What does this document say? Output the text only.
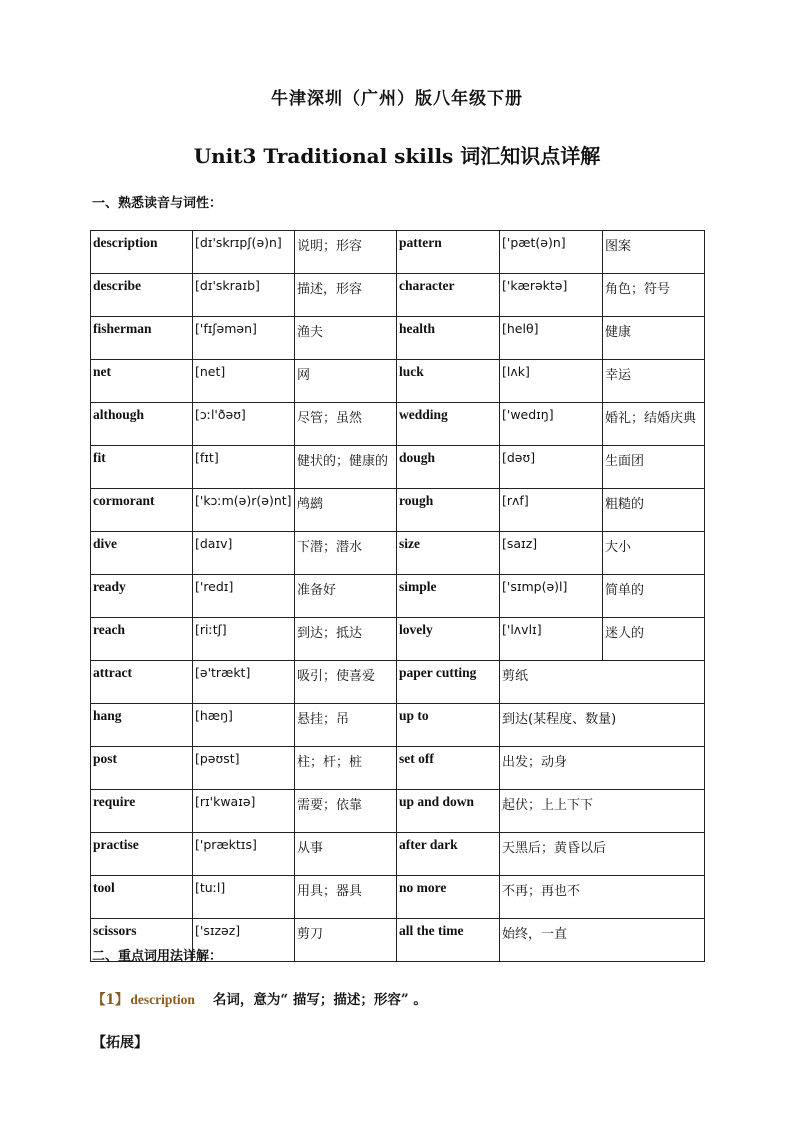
牛津深圳（广州）版八年级下册
Unit3 Traditional skills 词汇知识点详解
一、熟悉读音与词性：
description	[dɪ'skrɪpʃ(ə)n]	说明；形容	pattern	['pæt(ə)n]	图案
describe	[dɪ'skraɪb]	描述，形容	character	['kærəktə]	角色；符号
fisherman	['fɪʃəmən]	渔夫	health	[helθ]	健康
net	[net]	网	luck	[lʌk]	幸运
although	[ɔːl'ðəʊ]	尽管；虽然	wedding	['wedɪŋ]	婚礼；结婚庆典
fit	[fɪt]	健状的；健康的	dough	[dəʊ]	生面团
cormorant	['kɔːm(ə)r(ə)nt]	鸬鹚	rough	[rʌf]	粗糙的
dive	[daɪv]	下潜；潜水	size	[saɪz]	大小
ready	['redɪ]	准备好	simple	['sɪmp(ə)l]	简单的
reach	[riːtʃ]	到达；抵达	lovely	['lʌvlɪ]	迷人的
attract	[ə'trækt]	吸引；使喜爱	paper cutting	剪纸	
hang	[hæŋ]	悬挂；吊	up to	到达(某程度、数量)	
post	[pəʊst]	柱；杆；桩	set off	出发；动身	
require	[rɪ'kwaɪə]	需要；依靠	up and down	起伏；上上下下	
practise	['præktɪs]	从事	after dark	天黑后；黄昏以后	
tool	[tuːl]	用具；器具	no more	不再；再也不	
scissors	['sɪzəz]	剪刀	all the time	始终，一直	
二、重点词用法详解：
【1】 description 名词，意为“ 描写；描述；形容” 。
【拓展】
